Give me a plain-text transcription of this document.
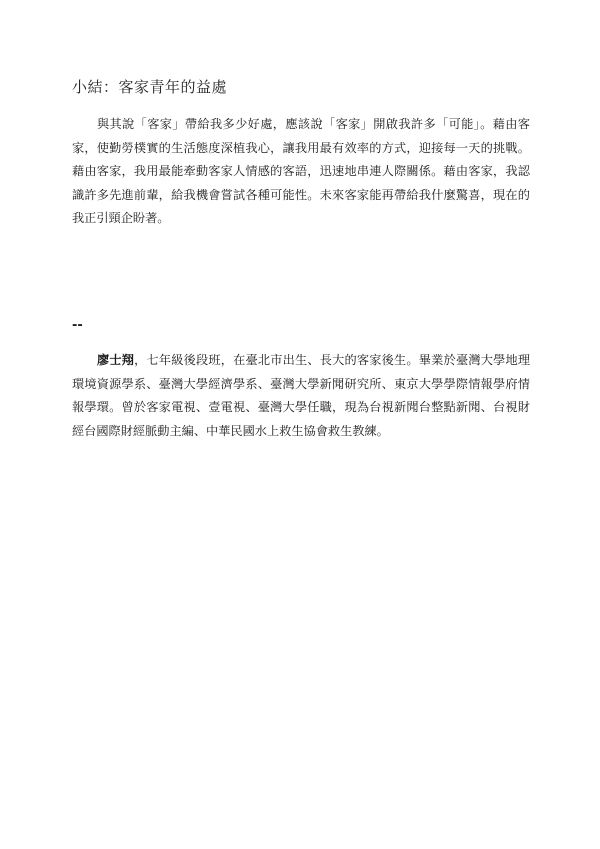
小結：客家青年的益處

與其說「客家」帶給我多少好處，應該說「客家」開啟我許多「可能」。藉由客家，使勤勞樸實的生活態度深植我心，讓我用最有效率的方式，迎接每一天的挑戰。藉由客家，我用最能牽動客家人情感的客語，迅速地串連人際關係。藉由客家，我認識許多先進前輩，給我機會嘗試各種可能性。未來客家能再帶給我什麼驚喜，現在的我正引頸企盼著。

--

廖士翔，七年級後段班，在臺北市出生、長大的客家後生。畢業於臺灣大學地理環境資源學系、臺灣大學經濟學系、臺灣大學新聞研究所、東京大學學際情報學府情報學環。曾於客家電視、壹電視、臺灣大學任職，現為台視新聞台整點新聞、台視財經台國際財經脈動主編、中華民國水上救生協會救生教練。
